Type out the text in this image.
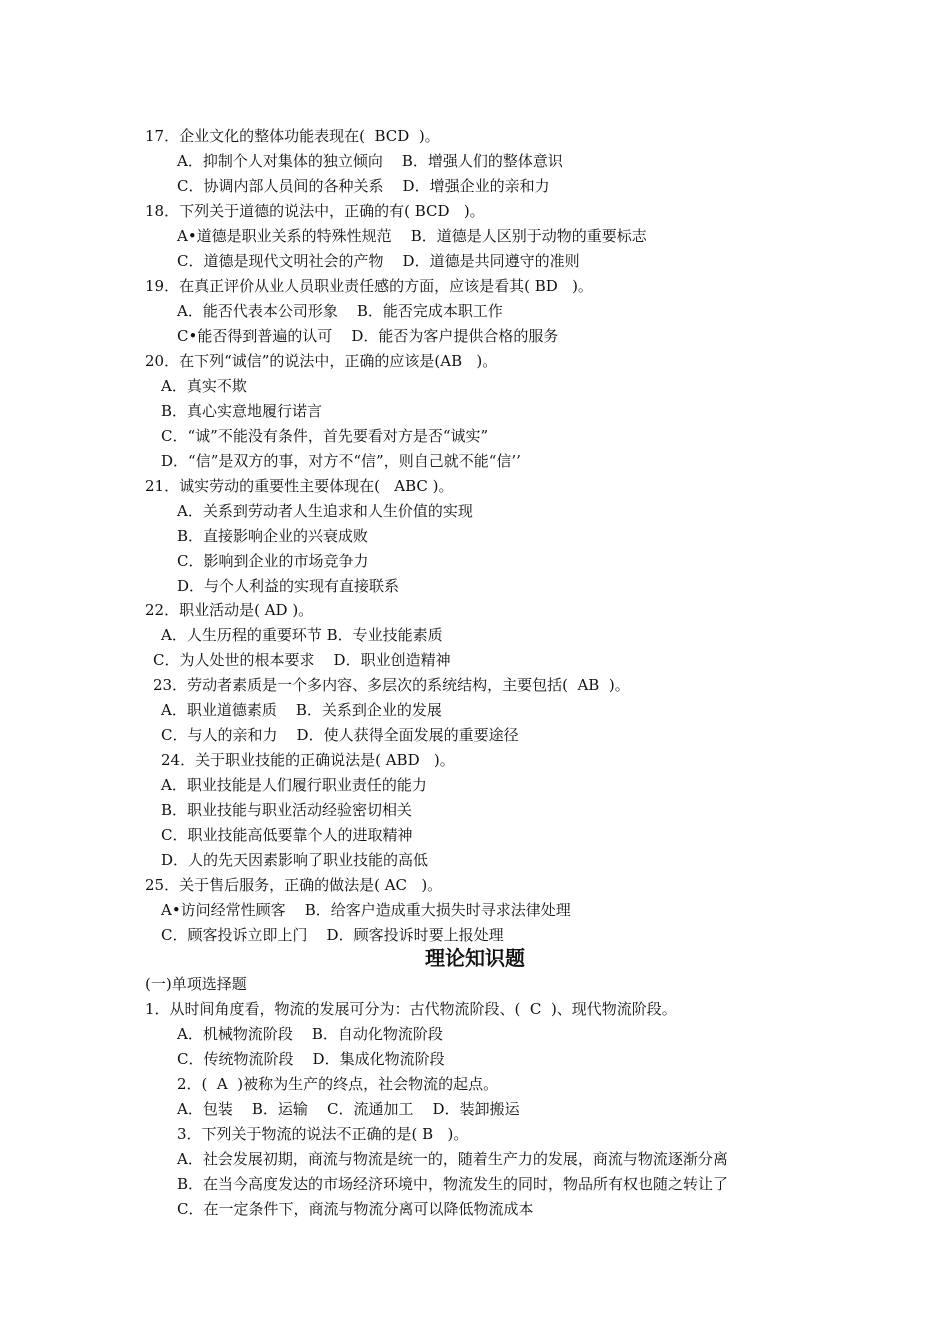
17．企业文化的整体功能表现在(  BCD  )。
A．抑制个人对集体的独立倾向    B．增强人们的整体意识
C．协调内部人员间的各种关系    D．增强企业的亲和力
18．下列关于道德的说法中，正确的有( BCD   )。
A•道德是职业关系的特殊性规范    B．道德是人区别于动物的重要标志
C．道德是现代文明社会的产物    D．道德是共同遵守的准则
19．在真正评价从业人员职业责任感的方面，应该是看其( BD   )。
A．能否代表本公司形象    B．能否完成本职工作
C•能否得到普遍的认可    D．能否为客户提供合格的服务
20．在下列“诚信”的说法中，正确的应该是(AB   )。
A．真实不欺
B．真心实意地履行诺言
C．“诚”不能没有条件，首先要看对方是否“诚实”
D．“信”是双方的事，对方不“信”，则自己就不能“信’’
21．诚实劳动的重要性主要体现在(   ABC )。
A．关系到劳动者人生追求和人生价值的实现
B．直接影响企业的兴衰成败
C．影响到企业的市场竞争力
D．与个人利益的实现有直接联系
22．职业活动是( AD )。
A．人生历程的重要环节 B．专业技能素质
C．为人处世的根本要求    D．职业创造精神
23．劳动者素质是一个多内容、多层次的系统结构，主要包括(  AB  )。
A．职业道德素质    B．关系到企业的发展
C．与人的亲和力    D．使人获得全面发展的重要途径
24．关于职业技能的正确说法是( ABD   )。
A．职业技能是人们履行职业责任的能力
B．职业技能与职业活动经验密切相关
C．职业技能高低要靠个人的进取精神
D．人的先天因素影响了职业技能的高低
25．关于售后服务，正确的做法是( AC   )。
A•访问经常性顾客    B．给客户造成重大损失时寻求法律处理
C．顾客投诉立即上门    D．顾客投诉时要上报处理
理论知识题
(一)单项选择题
1．从时间角度看，物流的发展可分为：古代物流阶段、(  C  )、现代物流阶段。
A．机械物流阶段    B．自动化物流阶段
C．传统物流阶段    D．集成化物流阶段
2．(  A  )被称为生产的终点，社会物流的起点。
A．包装    B．运输    C．流通加工    D．装卸搬运
3．下列关于物流的说法不正确的是( B   )。
A．社会发展初期，商流与物流是统一的，随着生产力的发展，商流与物流逐渐分离
B．在当今高度发达的市场经济环境中，物流发生的同时，物品所有权也随之转让了
C．在一定条件下，商流与物流分离可以降低物流成本
